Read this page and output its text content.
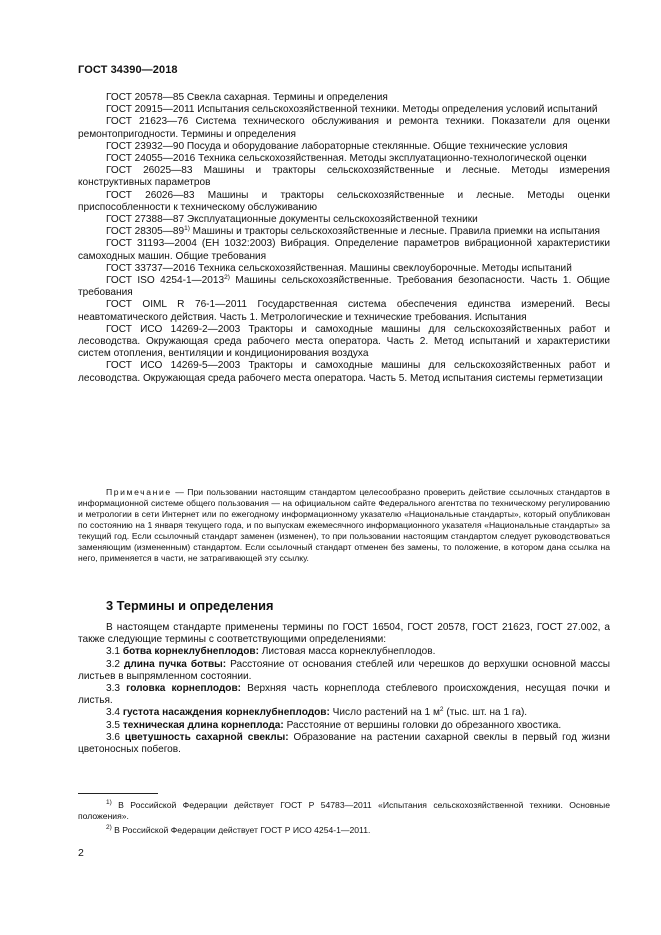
ГОСТ 34390—2018

ГОСТ 20578—85 Свекла сахарная. Термины и определения

ГОСТ 20915—2011 Испытания сельскохозяйственной техники. Методы определения условий испытаний

ГОСТ 21623—76 Система технического обслуживания и ремонта техники. Показатели для оценки ремонтопригодности. Термины и определения

ГОСТ 23932—90 Посуда и оборудование лабораторные стеклянные. Общие технические условия

ГОСТ 24055—2016 Техника сельскохозяйственная. Методы эксплуатационно-технологической оценки

ГОСТ 26025—83 Машины и тракторы сельскохозяйственные и лесные. Методы измерения конструктивных параметров

ГОСТ 26026—83 Машины и тракторы сельскохозяйственные и лесные. Методы оценки приспособленности к техническому обслуживанию

ГОСТ 27388—87 Эксплуатационные документы сельскохозяйственной техники

ГОСТ 28305—89$^{1)}$ Машины и тракторы сельскохозяйственные и лесные. Правила приемки на испытания

ГОСТ 31193—2004 (ЕН 1032:2003) Вибрация. Определение параметров вибрационной характеристики самоходных машин. Общие требования

ГОСТ 33737—2016 Техника сельскохозяйственная. Машины свеклоуборочные. Методы испытаний

ГОСТ ISO 4254-1—2013$^{2)}$ Машины сельскохозяйственные. Требования безопасности. Часть 1. Общие требования

ГОСТ OIML R 76-1—2011 Государственная система обеспечения единства измерений. Весы неавтоматического действия. Часть 1. Метрологические и технические требования. Испытания

ГОСТ ИСО 14269-2—2003 Тракторы и самоходные машины для сельскохозяйственных работ и лесоводства. Окружающая среда рабочего места оператора. Часть 2. Метод испытаний и характеристики систем отопления, вентиляции и кондиционирования воздуха

ГОСТ ИСО 14269-5—2003 Тракторы и самоходные машины для сельскохозяйственных работ и лесоводства. Окружающая среда рабочего места оператора. Часть 5. Метод испытания системы герметизации

Примечание — При пользовании настоящим стандартом целесообразно проверить действие ссылочных стандартов в информационной системе общего пользования — на официальном сайте Федерального агентства по техническому регулированию и метрологии в сети Интернет или по ежегодному информационному указателю «Национальные стандарты», который опубликован по состоянию на 1 января текущего года, и по выпускам ежемесячного информационного указателя «Национальные стандарты» за текущий год. Если ссылочный стандарт заменен (изменен), то при пользовании настоящим стандартом следует руководствоваться заменяющим (измененным) стандартом. Если ссылочный стандарт отменен без замены, то положение, в котором дана ссылка на него, применяется в части, не затрагивающей эту ссылку.

3 Термины и определения

В настоящем стандарте применены термины по ГОСТ 16504, ГОСТ 20578, ГОСТ 21623, ГОСТ 27.002, а также следующие термины с соответствующими определениями:

3.1 ботва корнеклубнеплодов: Листовая масса корнеклубнеплодов.

3.2 длина пучка ботвы: Расстояние от основания стеблей или черешков до верхушки основной массы листьев в выпрямленном состоянии.

3.3 головка корнеплодов: Верхняя часть корнеплода стеблевого происхождения, несущая почки и листья.

3.4 густота насаждения корнеклубнеплодов: Число растений на 1 $м^2$ (тыс. шт. на 1 га).

3.5 техническая длина корнеплода: Расстояние от вершины головки до обрезанного хвостика.

3.6 цветушность сахарной свеклы: Образование на растении сахарной свеклы в первый год жизни цветоносных побегов.

$^{1)}$ В Российской Федерации действует ГОСТ Р 54783—2011 «Испытания сельскохозяйственной техники. Основные положения».

$^{2)}$ В Российской Федерации действует ГОСТ Р ИСО 4254-1—2011.

2
